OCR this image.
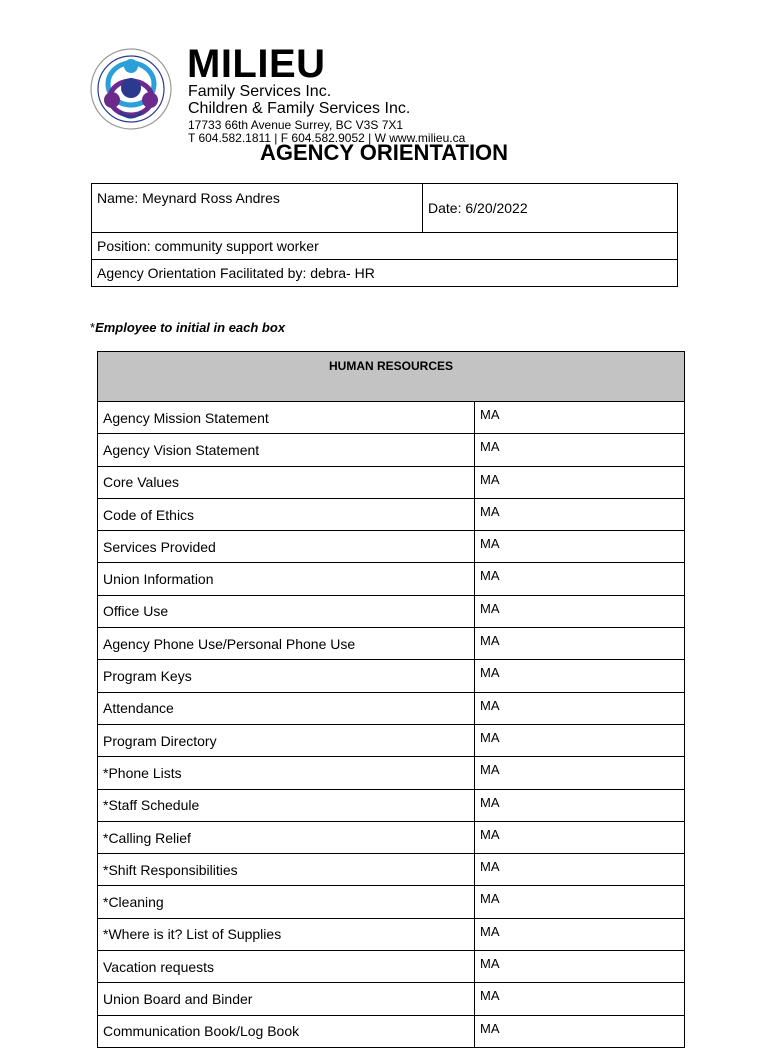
MILIEU
Family Services Inc.
Children & Family Services Inc.
17733 66th Avenue Surrey, BC V3S 7X1
T 604.582.1811 | F 604.582.9052 | W www.milieu.ca
AGENCY ORIENTATION
Name: Meynard Ross Andres	Date: 6/20/2022
Position: community support worker
Agency Orientation Facilitated by: debra- HR
*Employee to initial in each box
HUMAN RESOURCES	
Agency Mission Statement	MA
Agency Vision Statement	MA
Core Values	MA
Code of Ethics	MA
Services Provided	MA
Union Information	MA
Office Use	MA
Agency Phone Use/Personal Phone Use	MA
Program Keys	MA
Attendance	MA
Program Directory	MA
*Phone Lists	MA
*Staff Schedule	MA
*Calling Relief	MA
*Shift Responsibilities	MA
*Cleaning	MA
*Where is it? List of Supplies	MA
Vacation requests	MA
Union Board and Binder	MA
Communication Book/Log Book	MA
